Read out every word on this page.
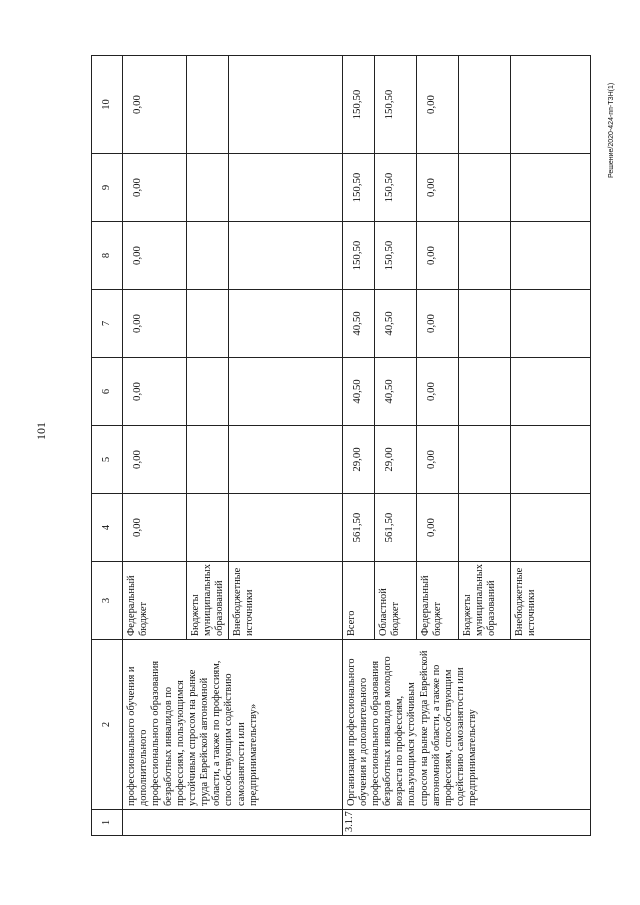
101
Решение/2020-424-пп-ТЗН(1)
1	2	3	4	5	6	7	8	9	10
	профессионального обучения и дополнительного профессионального образования безработных инвалидов по профессиям, пользующимся устойчивым спросом на рынке труда Еврейской автономной области, а также по профессиям, способствующим содействию самозанятости или предпринимательству»	Федеральный бюджет	0,00	0,00	0,00	0,00	0,00	0,00	0,00
		Бюджеты муниципальных образований							
		Внебюджетные источники							
3.1.7	Организация профессионального обучения и дополнительного профессионального образования безработных инвалидов молодого возраста по профессиям, пользующимся устойчивым спросом на рынке труда Еврейской автономной области, а также по профессиям, способствующим содействию самозанятости или предпринимательству	Всего	561,50	29,00	40,50	40,50	150,50	150,50	150,50
		Областной бюджет	561,50	29,00	40,50	40,50	150,50	150,50	150,50
		Федеральный бюджет	0,00	0,00	0,00	0,00	0,00	0,00	0,00
		Бюджеты муниципальных образований							
		Внебюджетные источники							
